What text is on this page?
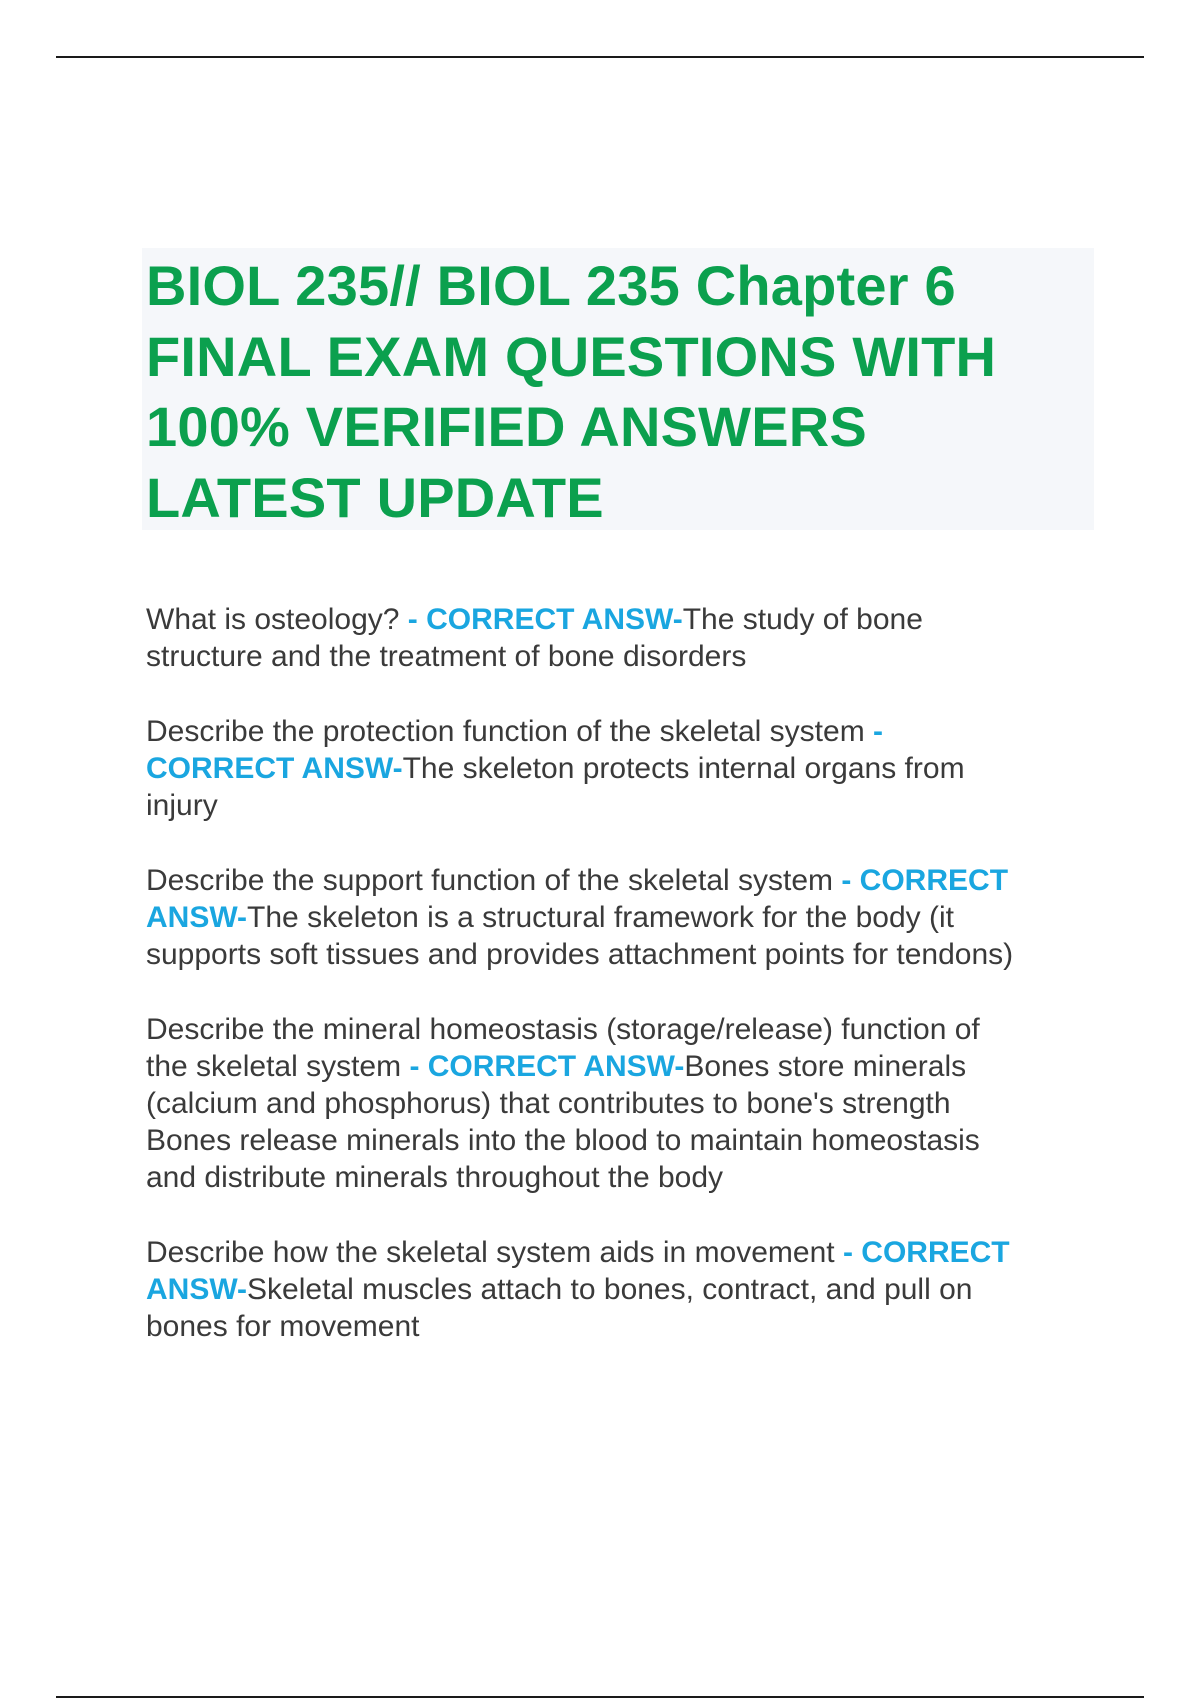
BIOL 235// BIOL 235 Chapter 6
FINAL EXAM QUESTIONS WITH
100% VERIFIED ANSWERS
LATEST UPDATE

What is osteology? - CORRECT ANSW-The study of bone
structure and the treatment of bone disorders

Describe the protection function of the skeletal system -
CORRECT ANSW-The skeleton protects internal organs from
injury

Describe the support function of the skeletal system - CORRECT
ANSW-The skeleton is a structural framework for the body (it
supports soft tissues and provides attachment points for tendons)

Describe the mineral homeostasis (storage/release) function of
the skeletal system - CORRECT ANSW-Bones store minerals
(calcium and phosphorus) that contributes to bone's strength
Bones release minerals into the blood to maintain homeostasis
and distribute minerals throughout the body

Describe how the skeletal system aids in movement - CORRECT
ANSW-Skeletal muscles attach to bones, contract, and pull on
bones for movement
